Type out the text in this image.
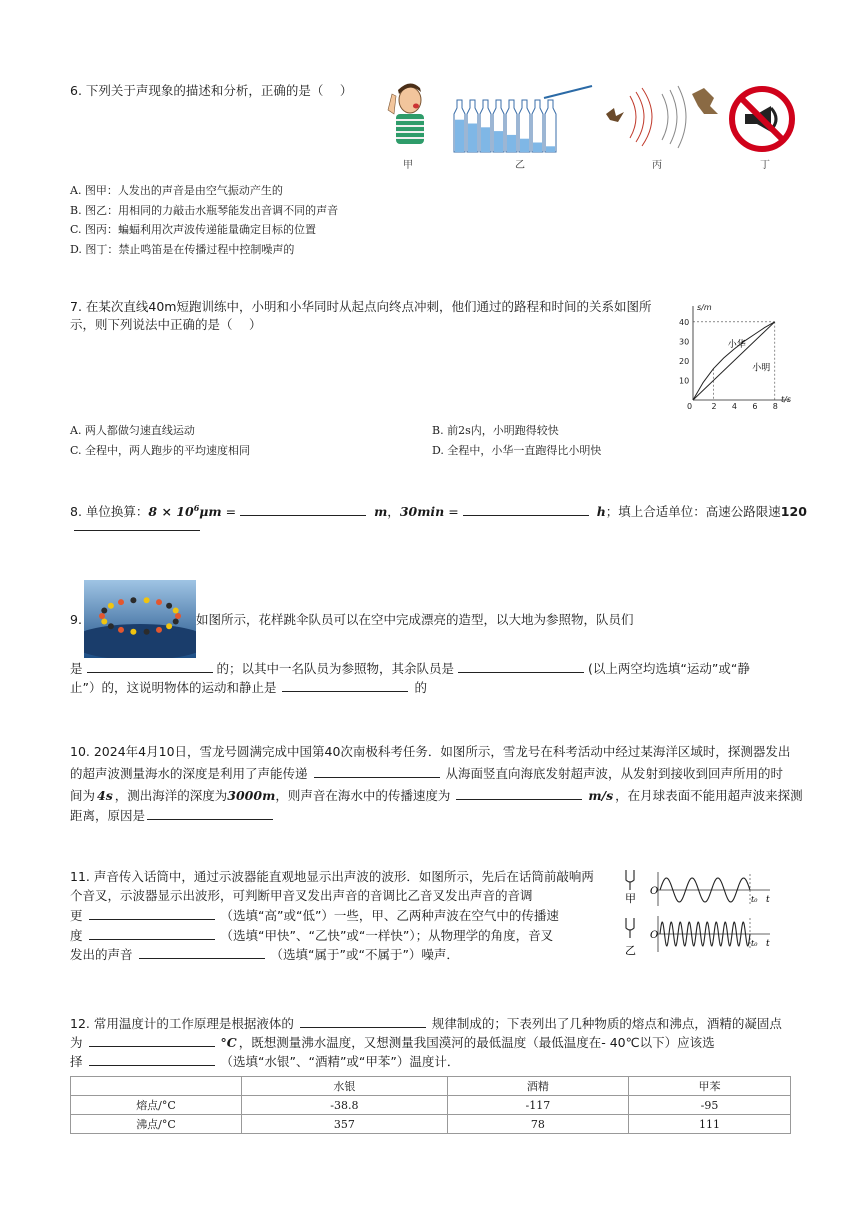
6. 下列关于声现象的描述和分析，正确的是（　 ）
甲	乙	丙	丁
A. 图甲：人发出的声音是由空气振动产生的
B. 图乙：用相同的力敲击水瓶琴能发出音调不同的声音
C. 图丙：蝙蝠利用次声波传递能量确定目标的位置
D. 图丁：禁止鸣笛是在传播过程中控制噪声的
7. 在某次直线40m短跑训练中，小明和小华同时从起点向终点冲刺，他们通过的路程和时间的关系如图所
示，则下列说法中正确的是（　 ）
s/m
t/s
0 2 4 6 8
10
20
30
40
小华
小明
A. 两人都做匀速直线运动	B. 前2s内，小明跑得较快
C. 全程中，两人跑步的平均速度相同	D. 全程中，小华一直跑得比小明快
8. 单位换算：$8 \times 10^6\mu m$ =	m，30min =	h；填上合适单位：高速公路限速120
9.	如图所示，花样跳伞队员可以在空中完成漂亮的造型，以大地为参照物，队员们
是	的；以其中一名队员为参照物，其余队员是	(以上两空均选填“运动”或“静
止”）的，这说明物体的运动和静止是	的
10. 2024年4月10日，雪龙号圆满完成中国第40次南极科考任务．如图所示，雪龙号在科考活动中经过某海洋区域时，探测器发出
的超声波测量海水的深度是利用了声能传递	从海面竖直向海底发射超声波，从发射到接收到回声所用的时
间为 4s ，测出海洋的深度为3000m，则声音在海水中的传播速度为	m/s ，在月球表面不能用超声波来探测
距离，原因是
11. 声音传入话筒中，通过示波器能直观地显示出声波的波形．如图所示，先后在话筒前敲响两
个音叉，示波器显示出波形，可判断甲音叉发出声音的音调比乙音叉发出声音的音调
更	（选填“高”或“低”）一些，甲、乙两种声波在空气中的传播速
度	（选填“甲快”、“乙快”或“一样快”）；从物理学的角度，音叉
发出的声音	（选填“属于”或“不属于”）噪声．
甲
乙
O
t₀ t
O
t₀ t
12. 常用温度计的工作原理是根据液体的	规律制成的；下表列出了几种物质的熔点和沸点，酒精的凝固点
为	°C ，既想测量沸水温度，又想测量我国漠河的最低温度（最低温度在- 40℃以下）应该选
择	（选填“水银”、“酒精”或“甲苯”）温度计．
	水银	酒精	甲苯
熔点/°C	-38.8	-117	-95
沸点/°C	357	78	111
